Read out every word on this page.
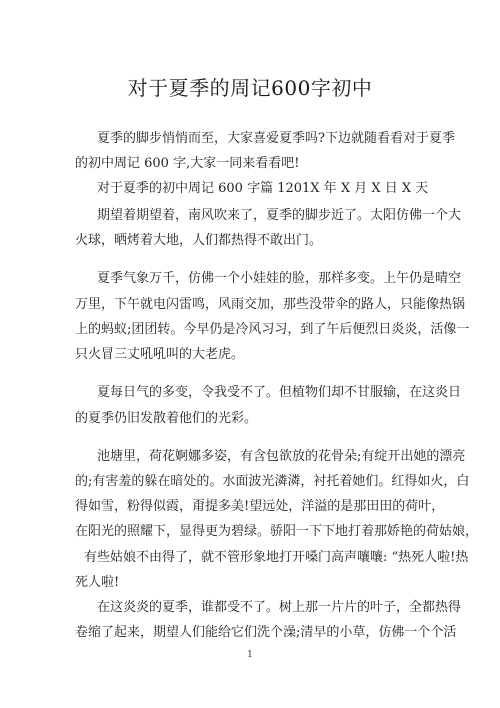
对于夏季的周记600字初中
夏季的脚步悄悄而至，大家喜爱夏季吗?下边就随看看对于夏季
的初中周记 600 字,大家一同来看看吧!
对于夏季的初中周记 600 字篇 1201X 年 X 月 X 日 X 天
期望着期望着，南风吹来了，夏季的脚步近了。太阳仿佛一个大
火球，晒烤着大地，人们都热得不敢出门。
夏季气象万千，仿佛一个小娃娃的脸，那样多变。上午仍是晴空
万里，下午就电闪雷鸣，风雨交加，那些没带伞的路人，只能像热锅
上的蚂蚁;团团转。今早仍是冷风习习，到了午后便烈日炎炎，活像一
只火冒三丈吼吼叫的大老虎。
夏每日气的多变，令我受不了。但植物们却不甘服输，在这炎日
的夏季仍旧发散着他们的光彩。
池塘里，荷花婀娜多姿，有含包欲放的花骨朵;有绽开出她的漂亮
的;有害羞的躲在暗处的。水面波光潾潾，衬托着她们。红得如火，白
得如雪，粉得似霞，甭提多美!望远处，洋溢的是那田田的荷叶，
在阳光的照耀下，显得更为碧绿。骄阳一下下地打着那娇艳的荷姑娘，
有些姑娘不由得了，就不管形象地打开嗓门高声嚷嚷: “热死人啦!热
死人啦!
在这炎炎的夏季，谁都受不了。树上那一片片的叶子，全都热得
卷缩了起来，期望人们能给它们洗个澡;清早的小草，仿佛一个个活
1
